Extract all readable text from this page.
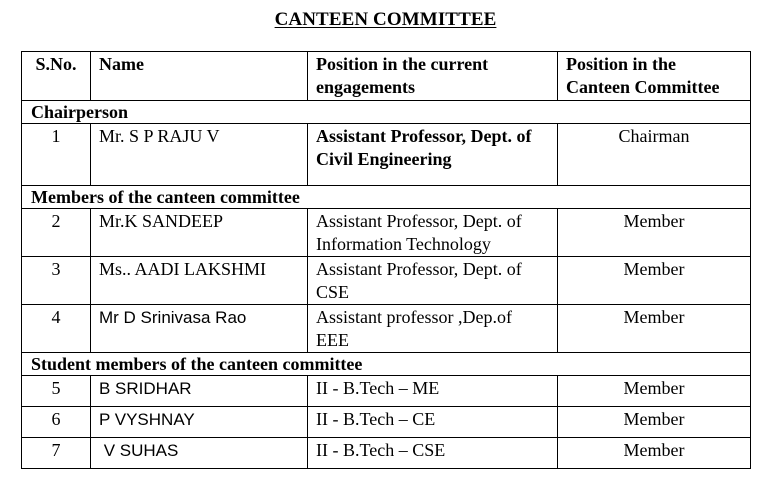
CANTEEN COMMITTEE
S.No.	Name	Position in the current engagements	Position in the Canteen Committee
Chairperson			
1	Mr. S P RAJU V	Assistant Professor, Dept. of Civil Engineering	Chairman
Members of the canteen committee			
2	Mr.K SANDEEP	Assistant Professor, Dept. of Information Technology	Member
3	Ms.. AADI LAKSHMI	Assistant Professor, Dept. of CSE	Member
4	Mr D Srinivasa Rao	Assistant professor ,Dep.of EEE	Member
Student members of the canteen committee			
5	B SRIDHAR	II - B.Tech – ME	Member
6	P VYSHNAY	II - B.Tech – CE	Member
7	V SUHAS	II - B.Tech – CSE	Member
